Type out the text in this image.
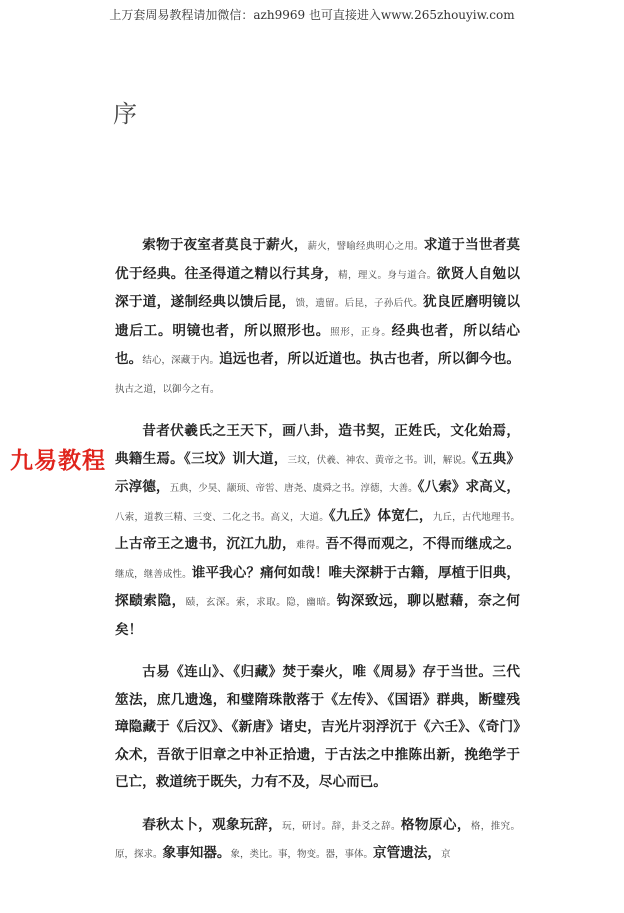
上万套周易教程请加微信：azh9969 也可直接进入www.265zhouyiw.com
序
九易教程

索物于夜室者莫良于薪火，薪火，譬喻经典明心之用。求道于当世者莫优于经典。往圣得道之精以行其身，精，理义。身与道合。欲贤人自勉以深于道，遂制经典以馈后昆，馈，遗留。后昆，子孙后代。犹良匠磨明镜以遗后工。明镜也者，所以照形也。照形，正身。经典也者，所以结心也。结心，深藏于内。追远也者，所以近道也。执古也者，所以御今也。执古之道，以御今之有。

昔者伏羲氏之王天下，画八卦，造书契，正姓氏，文化始焉，典籍生焉。《三坟》训大道，三坟，伏羲、神农、黄帝之书。训，解说。《五典》示淳德，五典，少昊、颛顼、帝喾、唐尧、虞舜之书。淳德，大善。《八索》求高义，八索，道教三精、三变、二化之书。高义，大道。《九丘》体宽仁，九丘，古代地理书。上古帝王之遗书，沉江九肋，难得。吾不得而观之，不得而继成之。继成，继善成性。谁平我心？痛何如哉！唯夫深耕于古籍，厚植于旧典，探赜索隐，赜，玄深。索，求取。隐，幽暗。钩深致远，聊以慰藉，奈之何矣！

古易《连山》、《归藏》焚于秦火，唯《周易》存于当世。三代筮法，庶几遗逸，和璧隋珠散落于《左传》、《国语》群典，断璧残璋隐藏于《后汉》、《新唐》诸史，吉光片羽浮沉于《六壬》、《奇门》众术，吾欲于旧章之中补正拾遗，于古法之中推陈出新，挽绝学于已亡，救道统于既失，力有不及，尽心而已。

春秋太卜，观象玩辞，玩，研讨。辞，卦爻之辞。格物原心，格，推究。原，探求。象事知器。象，类比。事，物变。器，事体。京管遗法，京
